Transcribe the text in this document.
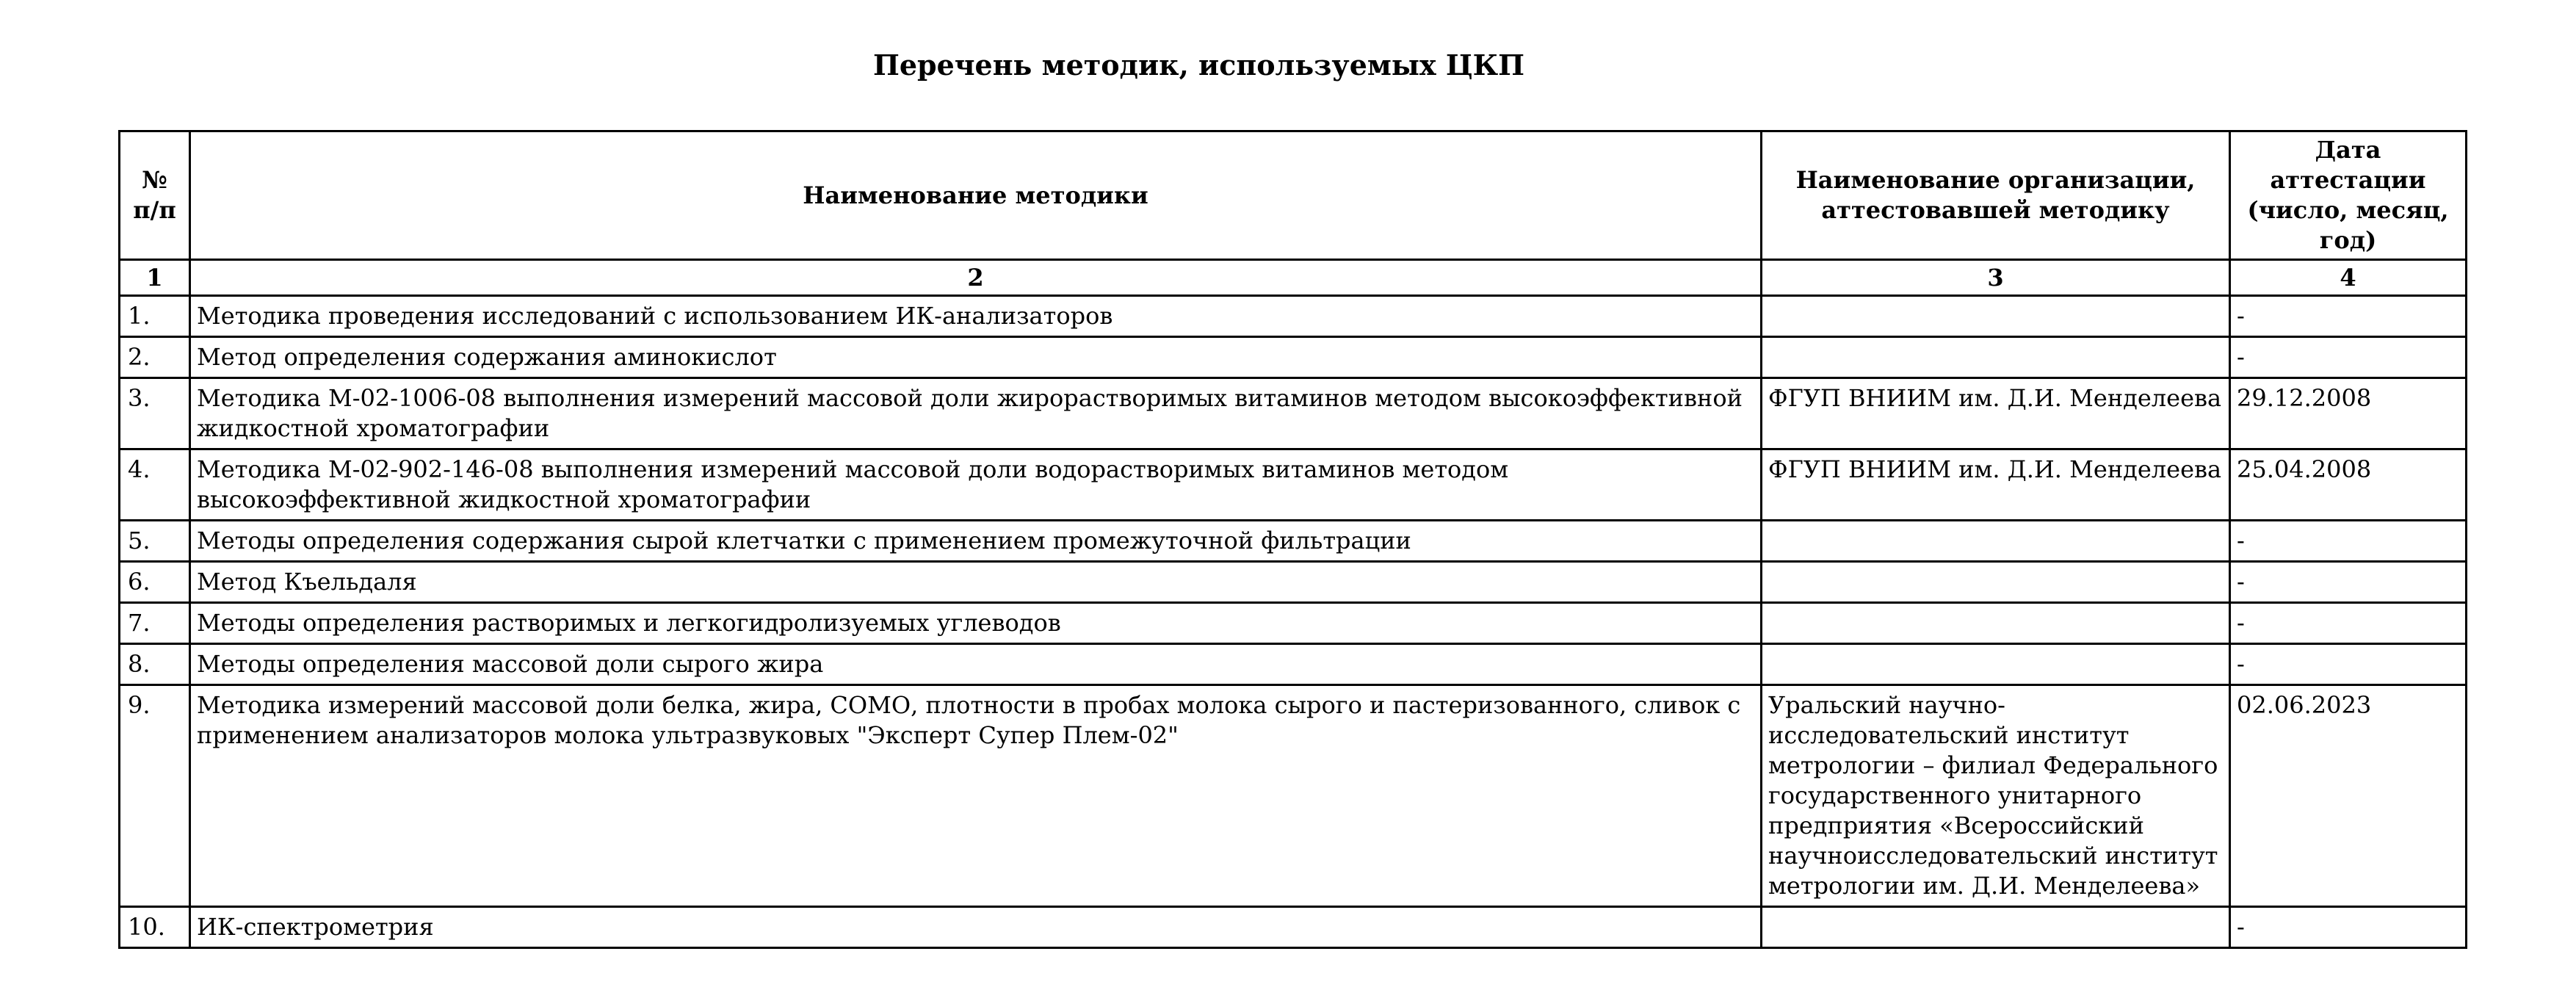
Перечень методик, используемых ЦКП
№ п/п	Наименование методики	Наименование организации, аттестовавшей методику	Дата аттестации (число, месяц, год)
1	2	3	4
1.	Методика проведения исследований с использованием ИК-анализаторов		-
2.	Метод определения содержания аминокислот		-
3.	Методика М-02-1006-08 выполнения измерений массовой доли жирорастворимых витаминов методом высокоэффективной жидкостной хроматографии	ФГУП ВНИИМ им. Д.И. Менделеева	29.12.2008
4.	Методика М-02-902-146-08 выполнения измерений массовой доли водорастворимых витаминов методом высокоэффективной жидкостной хроматографии	ФГУП ВНИИМ им. Д.И. Менделеева	25.04.2008
5.	Методы определения содержания сырой клетчатки с применением промежуточной фильтрации		-
6.	Метод Къельдаля		-
7.	Методы определения растворимых и легкогидролизуемых углеводов		-
8.	Методы определения массовой доли сырого жира		-
9.	Методика измерений массовой доли белка, жира, СОМО, плотности в пробах молока сырого и пастеризованного, сливок с применением анализаторов молока ультразвуковых "Эксперт Супер Плем-02"	Уральский научно-исследовательский институт метрологии – филиал Федерального государственного унитарного предприятия «Всероссийский научноисследовательский институт метрологии им. Д.И. Менделеева»	02.06.2023
10.	ИК-спектрометрия		-
